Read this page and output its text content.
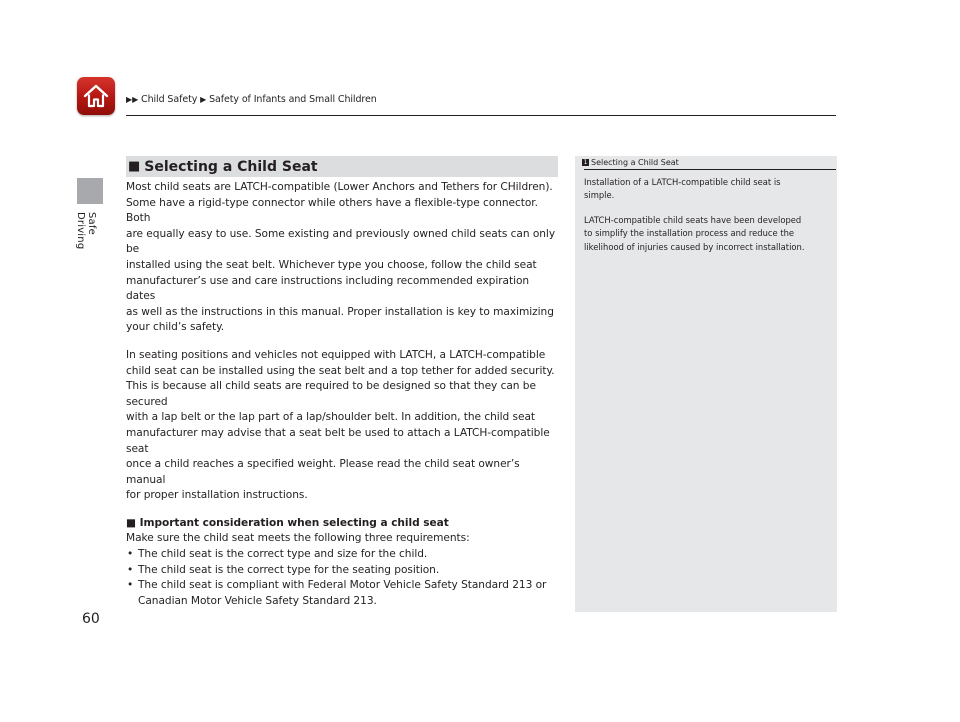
▶▶ Child Safety ▶ Safety of Infants and Small Children
Safe Driving
■ Selecting a Child Seat

Most child seats are LATCH-compatible (Lower Anchors and Tethers for CHildren).
Some have a rigid-type connector while others have a flexible-type connector. Both
are equally easy to use. Some existing and previously owned child seats can only be
installed using the seat belt. Whichever type you choose, follow the child seat
manufacturer’s use and care instructions including recommended expiration dates
as well as the instructions in this manual. Proper installation is key to maximizing
your child’s safety.

In seating positions and vehicles not equipped with LATCH, a LATCH-compatible
child seat can be installed using the seat belt and a top tether for added security.
This is because all child seats are required to be designed so that they can be secured
with a lap belt or the lap part of a lap/shoulder belt. In addition, the child seat
manufacturer may advise that a seat belt be used to attach a LATCH-compatible seat
once a child reaches a specified weight. Please read the child seat owner’s manual
for proper installation instructions.

■ Important consideration when selecting a child seat

Make sure the child seat meets the following three requirements:

• The child seat is the correct type and size for the child.

• The child seat is the correct type for the seating position.

• The child seat is compliant with Federal Motor Vehicle Safety Standard 213 or
Canadian Motor Vehicle Safety Standard 213.

1 Selecting a Child Seat

Installation of a LATCH-compatible child seat is
simple.

LATCH-compatible child seats have been developed
to simplify the installation process and reduce the
likelihood of injuries caused by incorrect installation.

60
